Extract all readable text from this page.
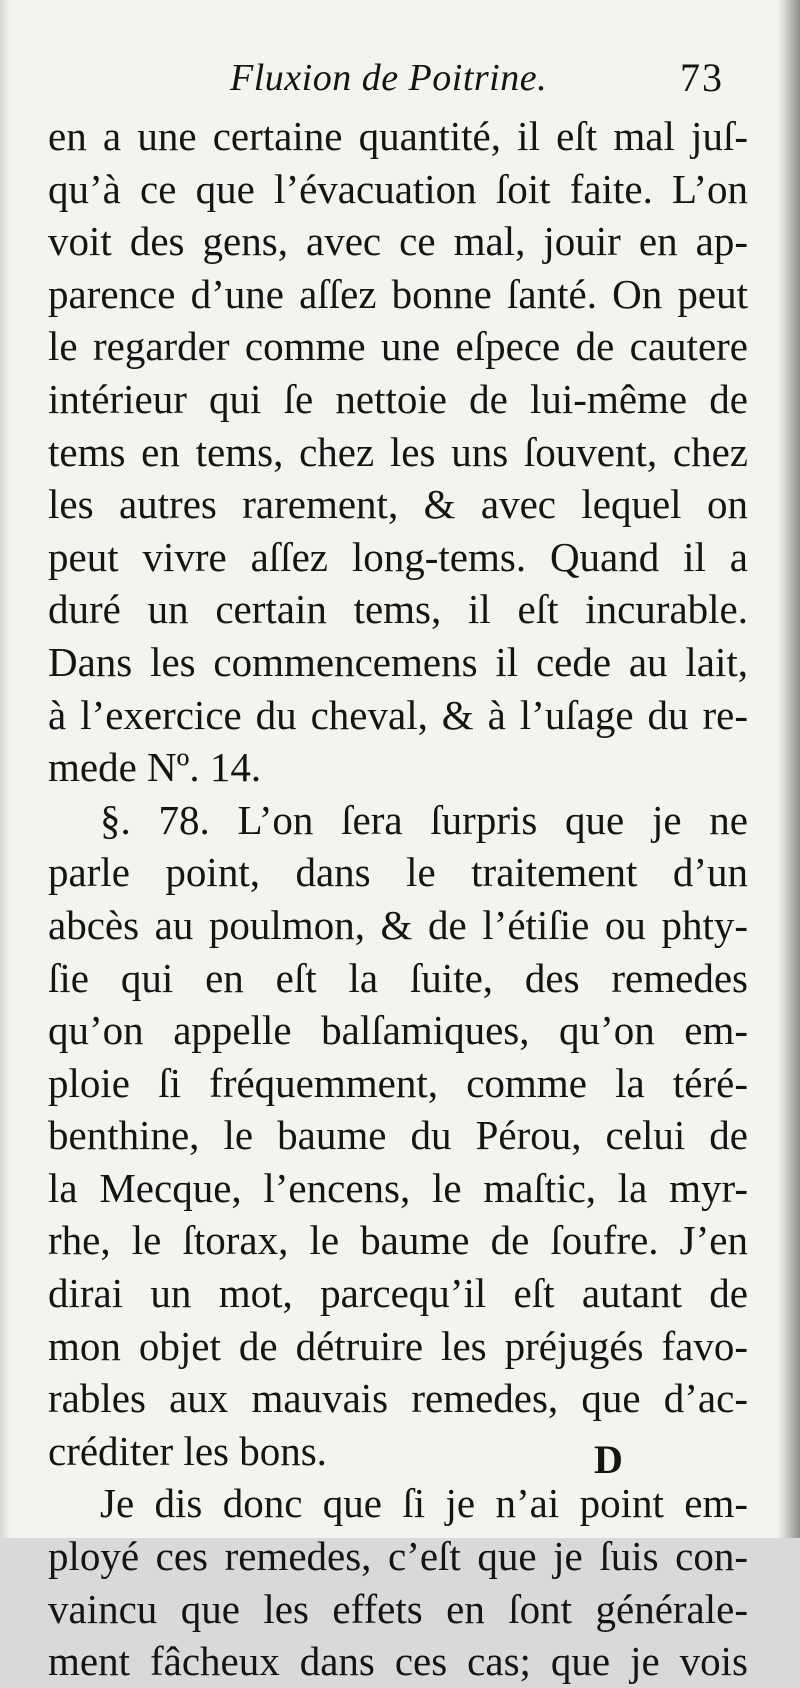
Fluxion de Poitrine.	73
en a une certaine quantité, il eſt mal juſ-
qu’à ce que l’évacuation ſoit faite. L’on
voit des gens, avec ce mal, jouir en ap-
parence d’une aſſez bonne ſanté. On peut
le regarder comme une eſpece de cautere
intérieur qui ſe nettoie de lui-même de
tems en tems, chez les uns ſouvent, chez
les autres rarement, & avec lequel on
peut vivre aſſez long-tems. Quand il a
duré un certain tems, il eſt incurable.
Dans les commencemens il cede au lait,
à l’exercice du cheval, & à l’uſage du re-
mede Nº. 14.
§. 78. L’on ſera ſurpris que je ne
parle point, dans le traitement d’un
abcès au poulmon, & de l’étiſie ou phty-
ſie qui en eſt la ſuite, des remedes
qu’on appelle balſamiques, qu’on em-
ploie ſi fréquemment, comme la téré-
benthine, le baume du Pérou, celui de
la Mecque, l’encens, le maſtic, la myr-
rhe, le ſtorax, le baume de ſoufre. J’en
dirai un mot, parcequ’il eſt autant de
mon objet de détruire les préjugés favo-
rables aux mauvais remedes, que d’ac-
créditer les bons.
Je dis donc que ſi je n’ai point em-
ployé ces remedes, c’eſt que je ſuis con-
vaincu que les effets en ſont générale-
ment fâcheux dans ces cas; que je vois
D
